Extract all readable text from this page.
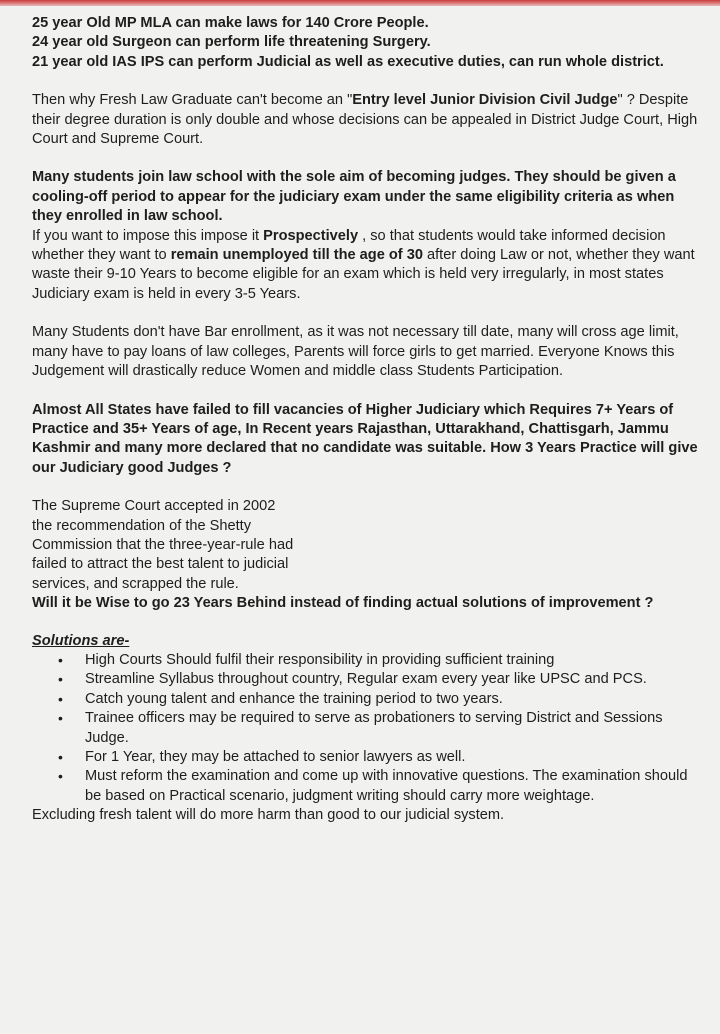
25 year Old MP MLA can make laws for 140 Crore People.

24 year old Surgeon can perform life threatening Surgery.

21 year old IAS IPS can perform Judicial as well as executive duties, can run whole district.

Then why Fresh Law Graduate can't become an "Entry level Junior Division Civil Judge" ? Despite their degree duration is only double and whose decisions can be appealed in District Judge Court, High Court and Supreme Court.

Many students join law school with the sole aim of becoming judges. They should be given a cooling-off period to appear for the judiciary exam under the same eligibility criteria as when they enrolled in law school.

If you want to impose this impose it Prospectively , so that students would take informed decision whether they want to remain unemployed till the age of 30 after doing Law or not, whether they want waste their 9-10 Years to become eligible for an exam which is held very irregularly, in most states Judiciary exam is held in every 3-5 Years.

Many Students don't have Bar enrollment, as it was not necessary till date, many will cross age limit, many have to pay loans of law colleges, Parents will force girls to get married. Everyone Knows this Judgement will drastically reduce Women and middle class Students Participation.

Almost All States have failed to fill vacancies of Higher Judiciary which Requires 7+ Years of Practice and 35+ Years of age, In Recent years Rajasthan, Uttarakhand, Chattisgarh, Jammu Kashmir and many more declared that no candidate was suitable. How 3 Years Practice will give our Judiciary good Judges ?

The Supreme Court accepted in 2002

the recommendation of the Shetty

Commission that the three-year-rule had

failed to attract the best talent to judicial

services, and scrapped the rule.

Will it be Wise to go 23 Years Behind instead of finding actual solutions of improvement ?

Solutions are-

• High Courts Should fulfil their responsibility in providing sufficient training
• Streamline Syllabus throughout country, Regular exam every year like UPSC and PCS.
• Catch young talent and enhance the training period to two years.
• Trainee officers may be required to serve as probationers to serving District and Sessions Judge.
• For 1 Year, they may be attached to senior lawyers as well.
• Must reform the examination and come up with innovative questions. The examination should be based on Practical scenario, judgment writing should carry more weightage.

Excluding fresh talent will do more harm than good to our judicial system.
